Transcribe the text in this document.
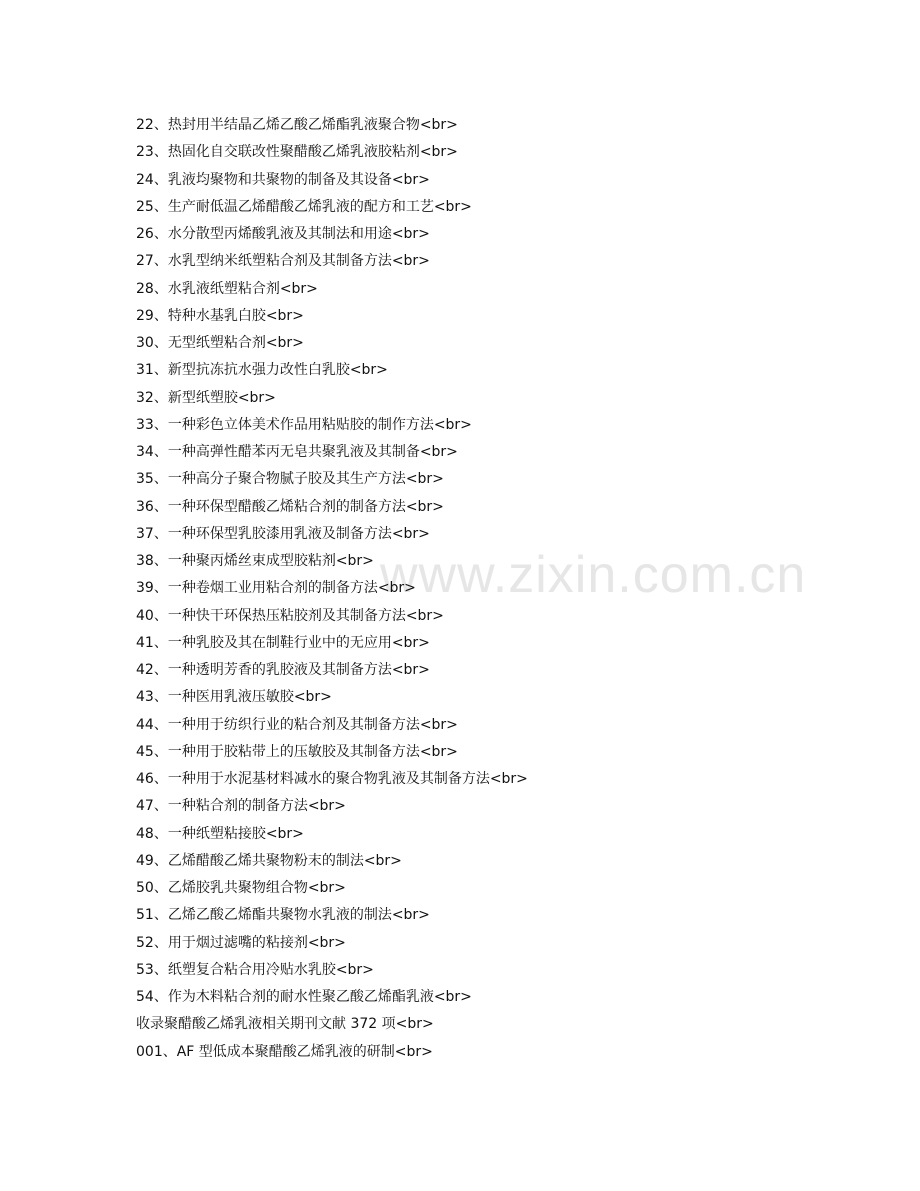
www.zixin.com.cn
22、热封用半结晶乙烯乙酸乙烯酯乳液聚合物<br>
23、热固化自交联改性聚醋酸乙烯乳液胶粘剂<br>
24、乳液均聚物和共聚物的制备及其设备<br>
25、生产耐低温乙烯醋酸乙烯乳液的配方和工艺<br>
26、水分散型丙烯酸乳液及其制法和用途<br>
27、水乳型纳米纸塑粘合剂及其制备方法<br>
28、水乳液纸塑粘合剂<br>
29、特种水基乳白胶<br>
30、无型纸塑粘合剂<br>
31、新型抗冻抗水强力改性白乳胶<br>
32、新型纸塑胶<br>
33、一种彩色立体美术作品用粘贴胶的制作方法<br>
34、一种高弹性醋苯丙无皂共聚乳液及其制备<br>
35、一种高分子聚合物腻子胶及其生产方法<br>
36、一种环保型醋酸乙烯粘合剂的制备方法<br>
37、一种环保型乳胶漆用乳液及制备方法<br>
38、一种聚丙烯丝束成型胶粘剂<br>
39、一种卷烟工业用粘合剂的制备方法<br>
40、一种快干环保热压粘胶剂及其制备方法<br>
41、一种乳胶及其在制鞋行业中的无应用<br>
42、一种透明芳香的乳胶液及其制备方法<br>
43、一种医用乳液压敏胶<br>
44、一种用于纺织行业的粘合剂及其制备方法<br>
45、一种用于胶粘带上的压敏胶及其制备方法<br>
46、一种用于水泥基材料减水的聚合物乳液及其制备方法<br>
47、一种粘合剂的制备方法<br>
48、一种纸塑粘接胶<br>
49、乙烯醋酸乙烯共聚物粉末的制法<br>
50、乙烯胶乳共聚物组合物<br>
51、乙烯乙酸乙烯酯共聚物水乳液的制法<br>
52、用于烟过滤嘴的粘接剂<br>
53、纸塑复合粘合用冷贴水乳胶<br>
54、作为木料粘合剂的耐水性聚乙酸乙烯酯乳液<br>
收录聚醋酸乙烯乳液相关期刊文献 372 项<br>
001、AF 型低成本聚醋酸乙烯乳液的研制<br>
